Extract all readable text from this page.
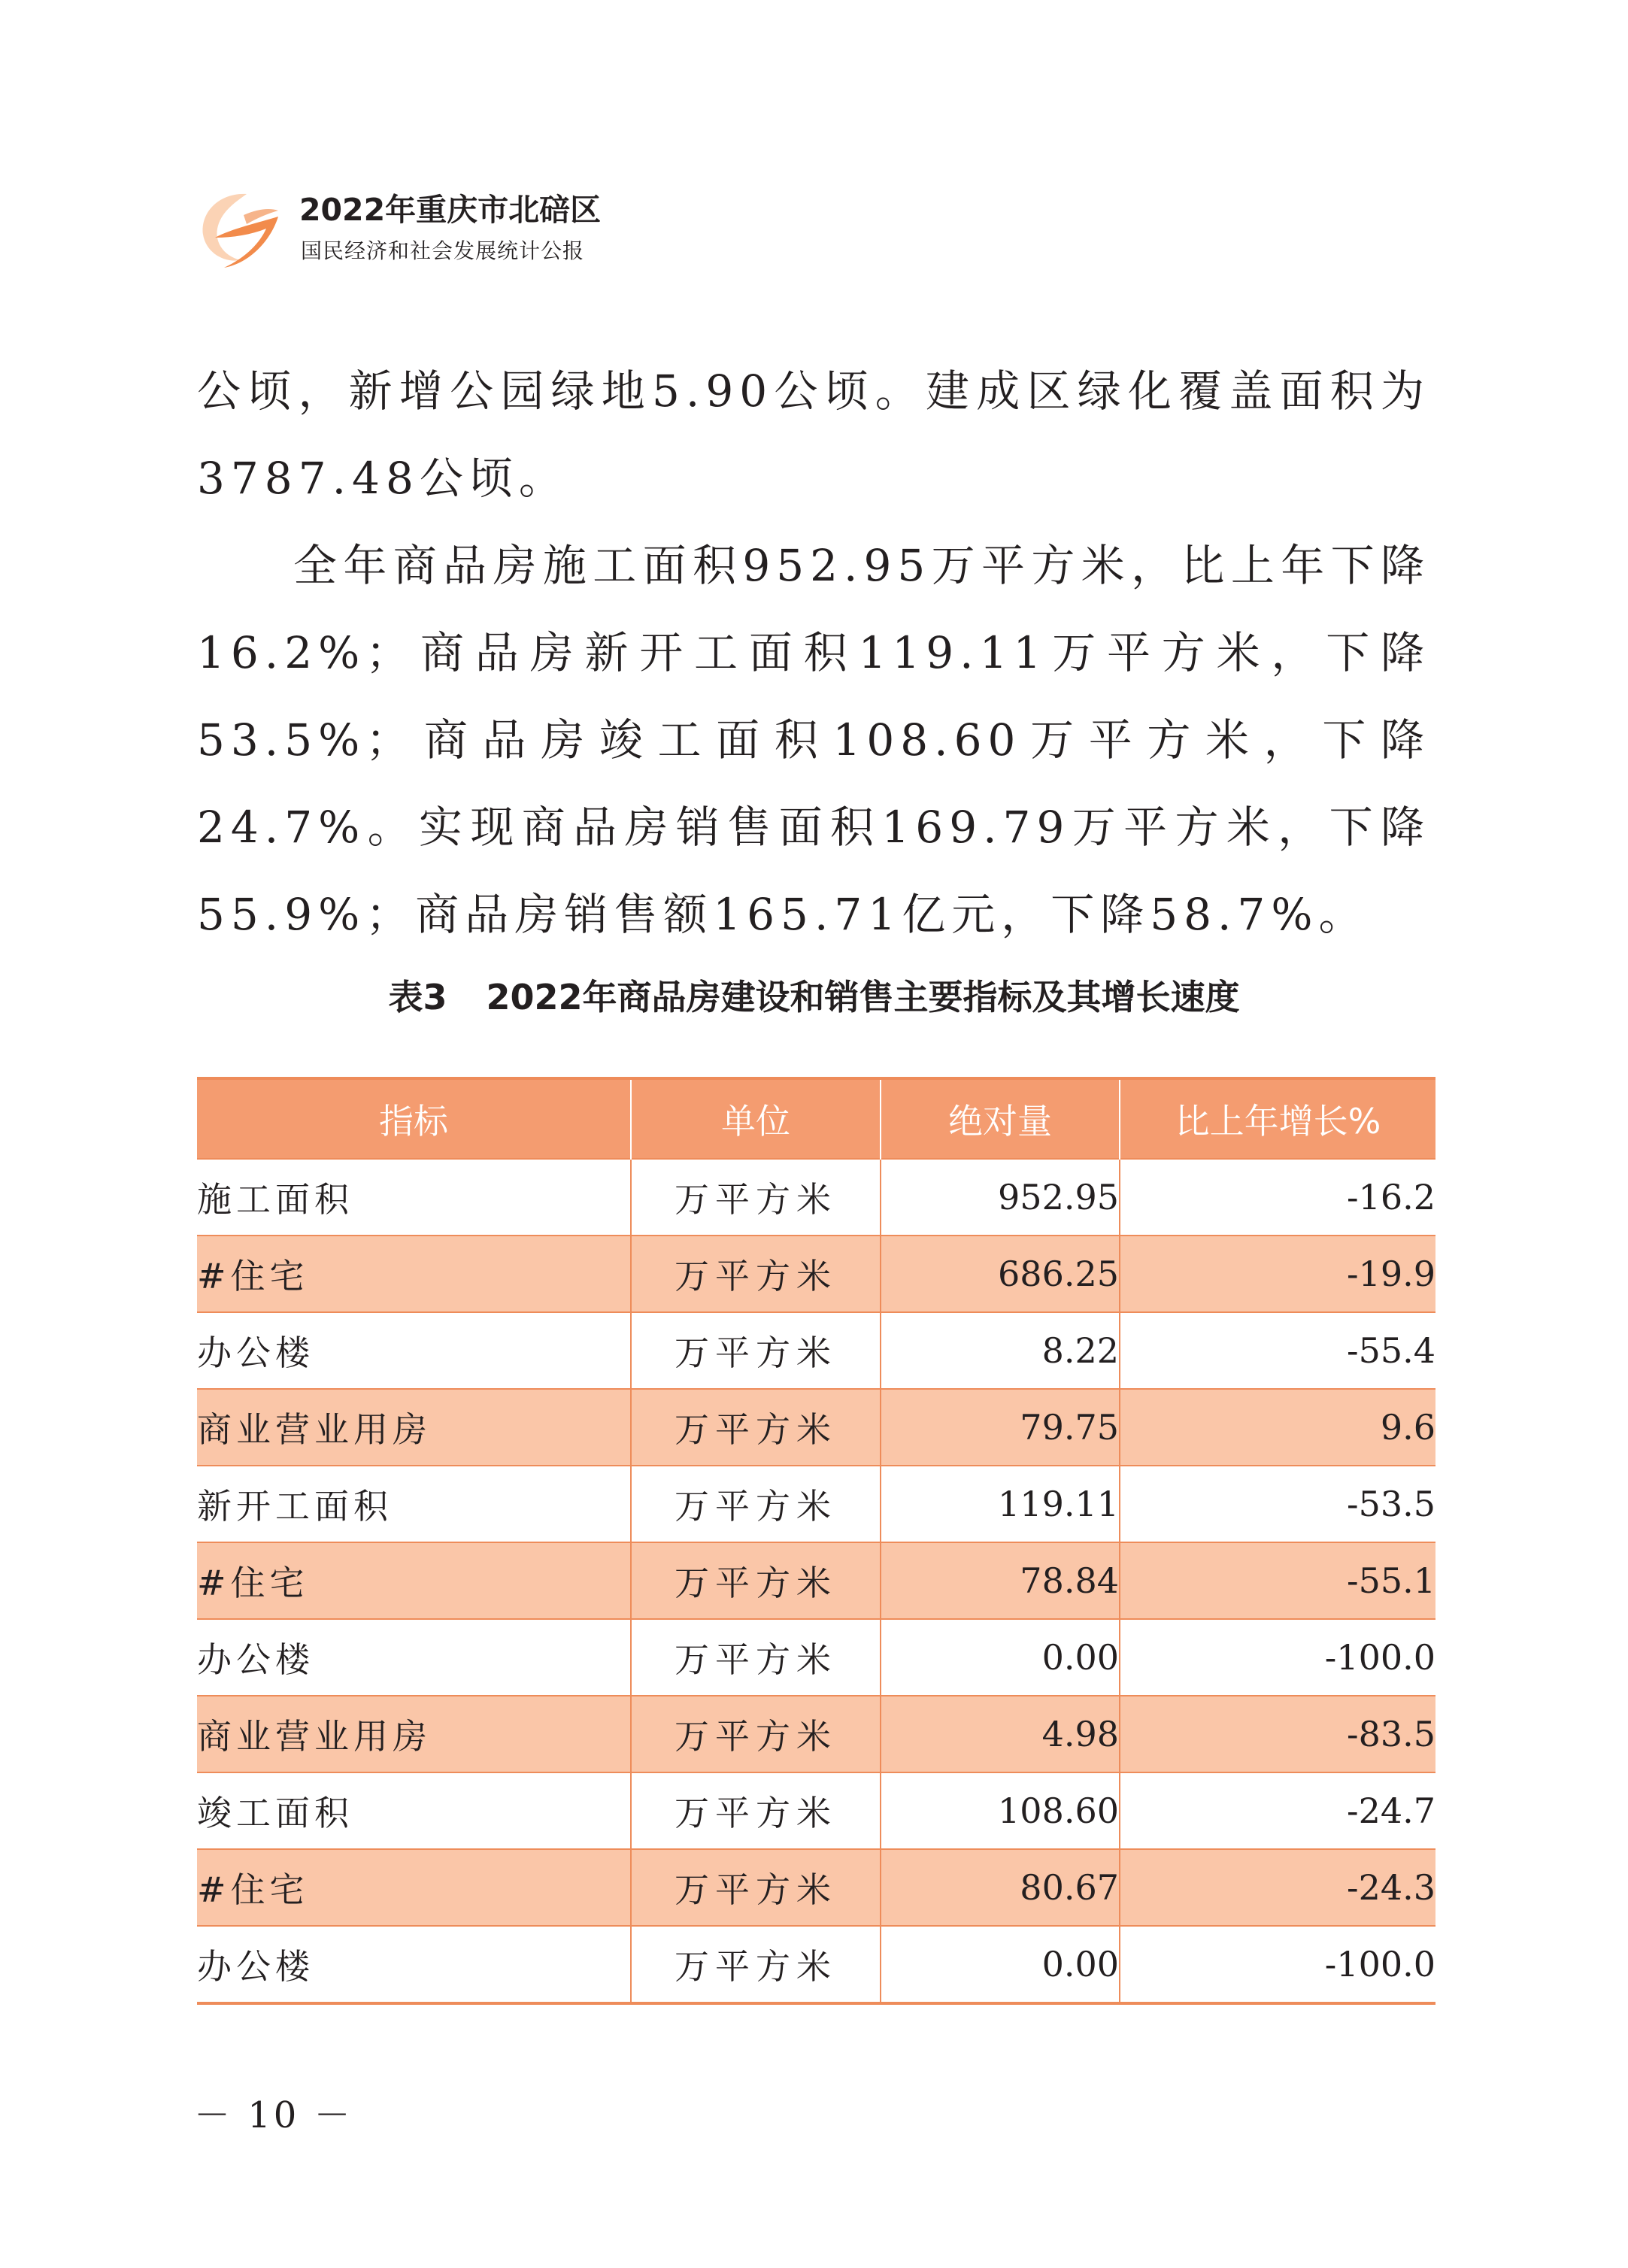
2022年重庆市北碚区
国民经济和社会发展统计公报

公顷，新增公园绿地5.90公顷。建成区绿化覆盖面积为3787.48公顷。

全年商品房施工面积952.95万平方米，比上年下降16.2%；商品房新开工面积119.11万平方米，下降53.5%；商品房竣工面积108.60万平方米，下降24.7%。实现商品房销售面积169.79万平方米，下降55.9%；商品房销售额165.71亿元，下降58.7%。

表3 2022年商品房建设和销售主要指标及其增长速度
指标	单位	绝对量	比上年增长%
施工面积	万平方米	952.95	-16.2
#住宅	万平方米	686.25	-19.9
办公楼	万平方米	8.22	-55.4
商业营业用房	万平方米	79.75	9.6
新开工面积	万平方米	119.11	-53.5
#住宅	万平方米	78.84	-55.1
办公楼	万平方米	0.00	-100.0
商业营业用房	万平方米	4.98	-83.5
竣工面积	万平方米	108.60	-24.7
#住宅	万平方米	80.67	-24.3
办公楼	万平方米	0.00	-100.0
－ 10 －
